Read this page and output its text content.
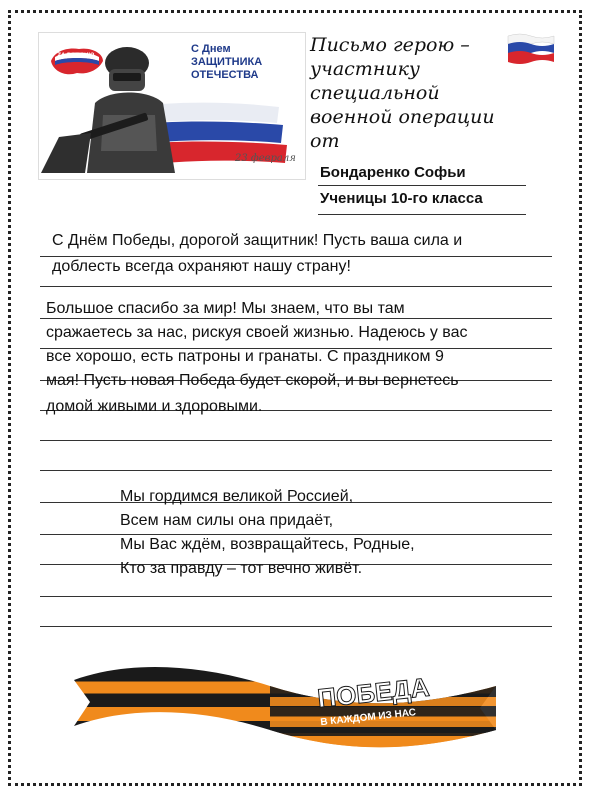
ZA РОССИЮ
С Днем
ЗАЩИТНИКА
ОТЕЧЕСТВА
23 февраля
Письмо герою –
участнику
специальной
военной операции
от
Бондаренко Софьи
Ученицы 10-го класса
С Днём Победы, дорогой защитник! Пусть ваша сила и
доблесть всегда охраняют нашу страну!
Большое спасибо за мир! Мы знаем, что вы там
сражаетесь за нас, рискуя своей жизнью. Надеюсь у вас
все хорошо, есть патроны и гранаты. С праздником 9
мая! Пусть новая Победа будет скорой, и вы вернетесь
домой живыми и здоровыми.
Мы гордимся великой Россией,
Всем нам силы она придаёт,
Мы Вас ждём, возвращайтесь, Родные,
Кто за правду – тот вечно живёт.
ПОБЕДА
В КАЖДОМ ИЗ НАС
